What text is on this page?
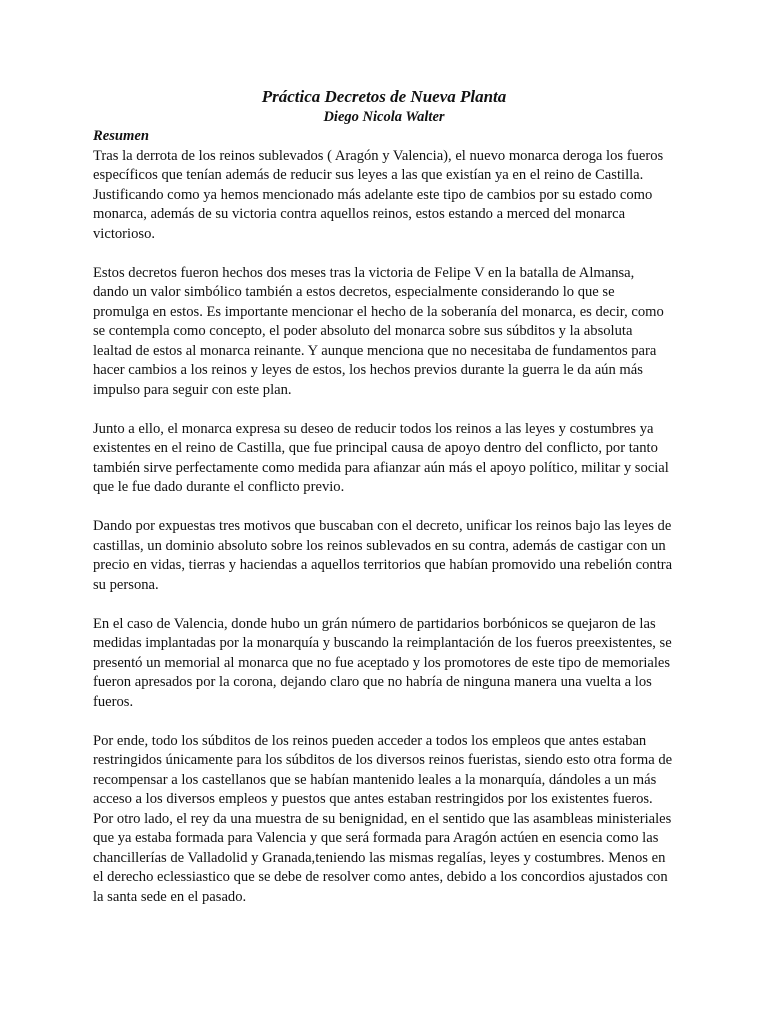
Práctica Decretos de Nueva Planta
Diego Nicola Walter
Resumen

Tras la derrota de los reinos sublevados ( Aragón y Valencia), el nuevo monarca deroga los fueros específicos que tenían además de reducir sus leyes a las que existían ya en el reino de Castilla. Justificando como ya hemos mencionado más adelante este tipo de cambios por su estado como monarca, además de su victoria contra aquellos reinos, estos estando a merced del monarca victorioso.

Estos decretos fueron hechos dos meses tras la victoria de Felipe V en la batalla de Almansa, dando un valor simbólico también a estos decretos, especialmente considerando lo que se promulga en estos. Es importante mencionar el hecho de la soberanía del monarca, es decir, como se contempla como concepto, el poder absoluto del monarca sobre sus súbditos y la absoluta lealtad de estos al monarca reinante. Y aunque menciona que no necesitaba de fundamentos para hacer cambios a los reinos y leyes de estos, los hechos previos durante la guerra le da aún más impulso para seguir con este plan.

Junto a ello, el monarca expresa su deseo de reducir todos los reinos a las leyes y costumbres ya existentes en el reino de Castilla, que fue principal causa de apoyo dentro del conflicto, por tanto también sirve perfectamente como medida para afianzar aún más el apoyo político, militar y social que le fue dado durante el conflicto previo.

Dando por expuestas tres motivos que buscaban con el decreto, unificar los reinos bajo las leyes de castillas, un dominio absoluto sobre los reinos sublevados en su contra, además de castigar con un precio en vidas, tierras y haciendas a aquellos territorios que habían promovido una rebelión contra su persona.

En el caso de Valencia, donde hubo un grán número de partidarios borbónicos se quejaron de las medidas implantadas por la monarquía y buscando la reimplantación de los fueros preexistentes, se presentó un memorial al monarca que no fue aceptado y los promotores de este tipo de memoriales fueron apresados por la corona, dejando claro que no habría de ninguna manera una vuelta a los fueros.

Por ende, todo los súbditos de los reinos pueden acceder a todos los empleos que antes estaban restringidos únicamente para los súbditos de los diversos reinos fueristas, siendo esto otra forma de recompensar a los castellanos que se habían mantenido leales a la monarquía, dándoles a un más acceso a los diversos empleos y puestos que antes estaban restringidos por los existentes fueros. Por otro lado, el rey da una muestra de su benignidad, en el sentido que las asambleas ministeriales que ya estaba formada para Valencia y que será formada para Aragón actúen en esencia como las chancillerías de Valladolid y Granada,teniendo las mismas regalías, leyes y costumbres. Menos en el derecho eclessiastico que se debe de resolver como antes, debido a los concordios ajustados con la santa sede en el pasado.
